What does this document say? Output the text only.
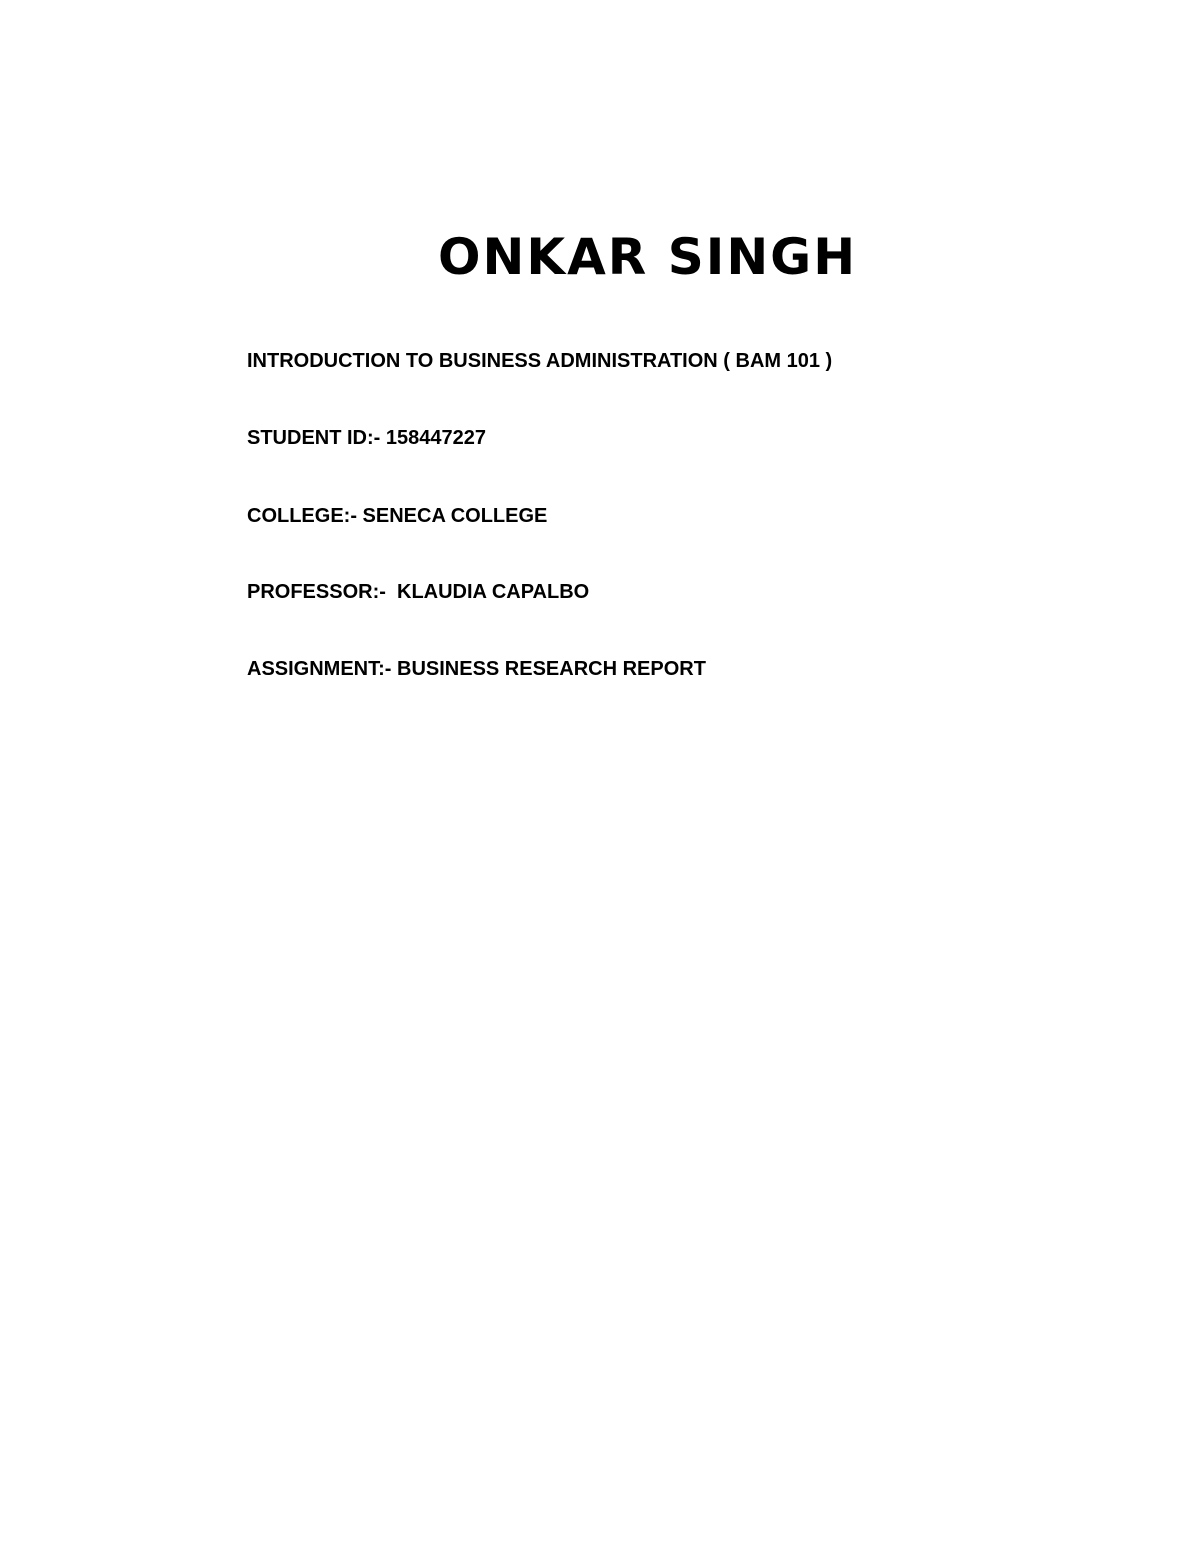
ONKAR SINGH

INTRODUCTION TO BUSINESS ADMINISTRATION ( BAM 101 )

STUDENT ID:- 158447227

COLLEGE:- SENECA COLLEGE

PROFESSOR:-  KLAUDIA CAPALBO

ASSIGNMENT:- BUSINESS RESEARCH REPORT
